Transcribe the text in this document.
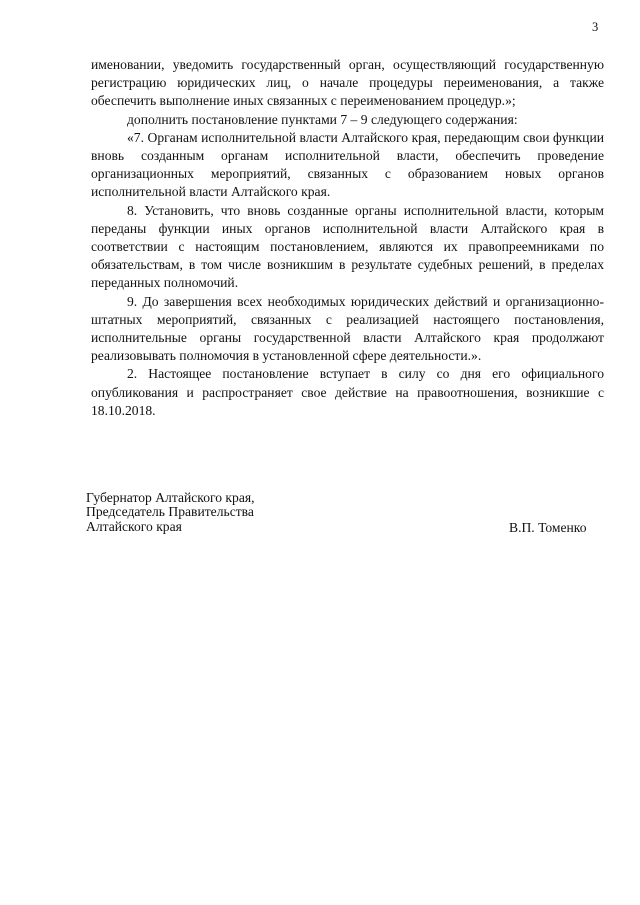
3

именовании, уведомить государственный орган, осуществляющий государственную регистрацию юридических лиц, о начале процедуры переименования, а также обеспечить выполнение иных связанных с переименованием процедур.»;

дополнить постановление пунктами 7 – 9 следующего содержания:

«7. Органам исполнительной власти Алтайского края, передающим свои функции вновь созданным органам исполнительной власти, обеспечить проведение организационных мероприятий, связанных с образованием новых органов исполнительной власти Алтайского края.

8. Установить, что вновь созданные органы исполнительной власти, которым переданы функции иных органов исполнительной власти Алтайского края в соответствии с настоящим постановлением, являются их правопреемниками по обязательствам, в том числе возникшим в результате судебных решений, в пределах переданных полномочий.

9. До завершения всех необходимых юридических действий и организационно-штатных мероприятий, связанных с реализацией настоящего постановления, исполнительные органы государственной власти Алтайского края продолжают реализовывать полномочия в установленной сфере деятельности.».

2. Настоящее постановление вступает в силу со дня его официального опубликования и распространяет свое действие на правоотношения, возникшие с 18.10.2018.

Губернатор Алтайского края,
Председатель Правительства
Алтайского края	В.П. Томенко
